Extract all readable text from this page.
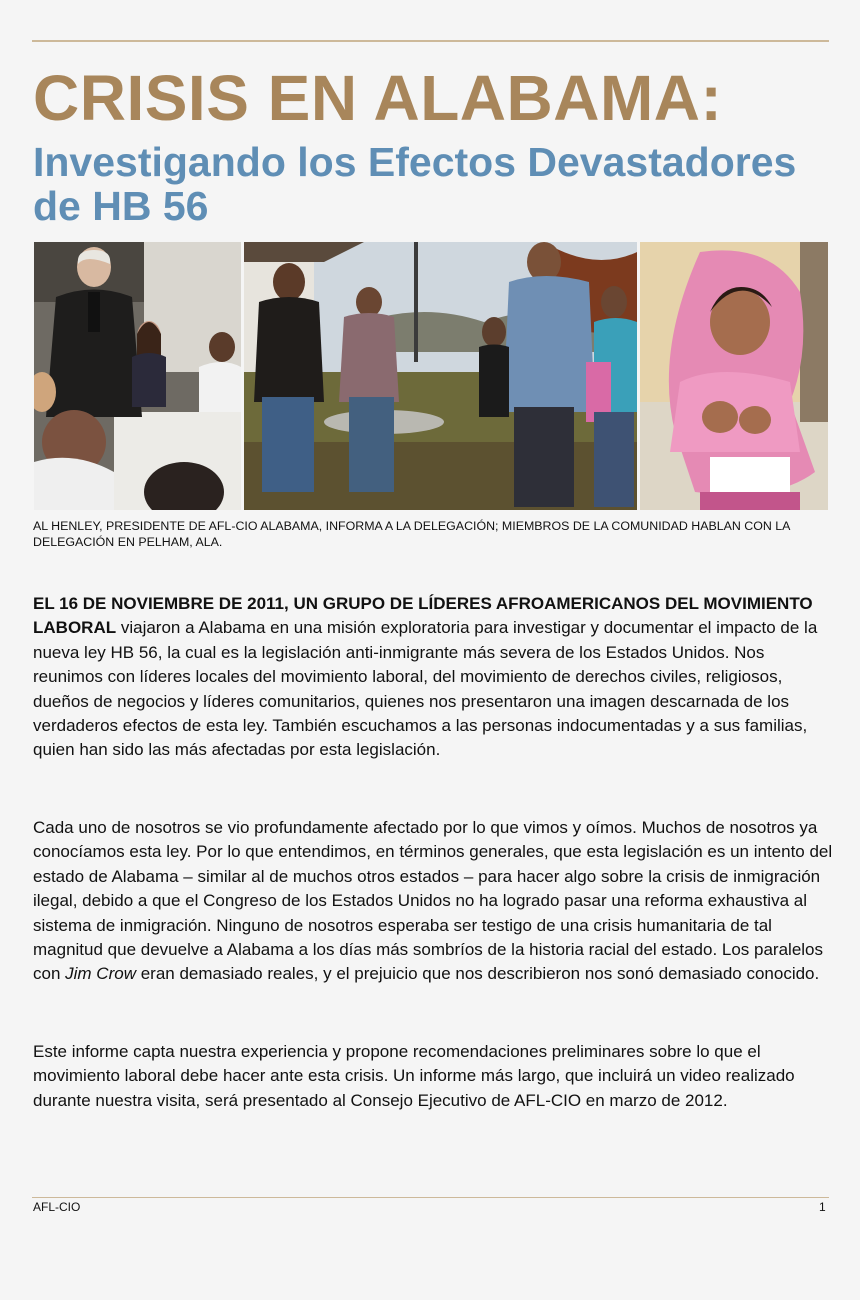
CRISIS EN ALABAMA:
Investigando los Efectos Devastadores de HB 56

AL HENLEY, PRESIDENTE DE AFL-CIO ALABAMA, INFORMA A LA DELEGACIÓN; MIEMBROS DE LA COMUNIDAD HABLAN CON LA DELEGACIÓN EN PELHAM, ALA.

EL 16 DE NOVIEMBRE DE 2011, UN GRUPO DE LÍDERES AFROAMERICANOS DEL MOVIMIENTO LABORAL viajaron a Alabama en una misión exploratoria para investigar y documentar el impacto de la nueva ley HB 56, la cual es la legislación anti-inmigrante más severa de los Estados Unidos. Nos reunimos con líderes locales del movimiento laboral, del movimiento de derechos civiles, religiosos, dueños de negocios y líderes comunitarios, quienes nos presentaron una imagen descarnada de los verdaderos efectos de esta ley. También escuchamos a las personas indocumentadas y a sus familias, quien han sido las más afectadas por esta legislación.

Cada uno de nosotros se vio profundamente afectado por lo que vimos y oímos. Muchos de nosotros ya conocíamos esta ley. Por lo que entendimos, en términos generales, que esta legislación es un intento del estado de Alabama – similar al de muchos otros estados – para hacer algo sobre la crisis de inmigración ilegal, debido a que el Congreso de los Estados Unidos no ha logrado pasar una reforma exhaustiva al sistema de inmigración. Ninguno de nosotros esperaba ser testigo de una crisis humanitaria de tal magnitud que devuelve a Alabama a los días más sombríos de la historia racial del estado. Los paralelos con Jim Crow eran demasiado reales, y el prejuicio que nos describieron nos sonó demasiado conocido.

Este informe capta nuestra experiencia y propone recomendaciones preliminares sobre lo que el movimiento laboral debe hacer ante esta crisis. Un informe más largo, que incluirá un video realizado durante nuestra visita, será presentado al Consejo Ejecutivo de AFL-CIO en marzo de 2012.

AFL-CIO	1
